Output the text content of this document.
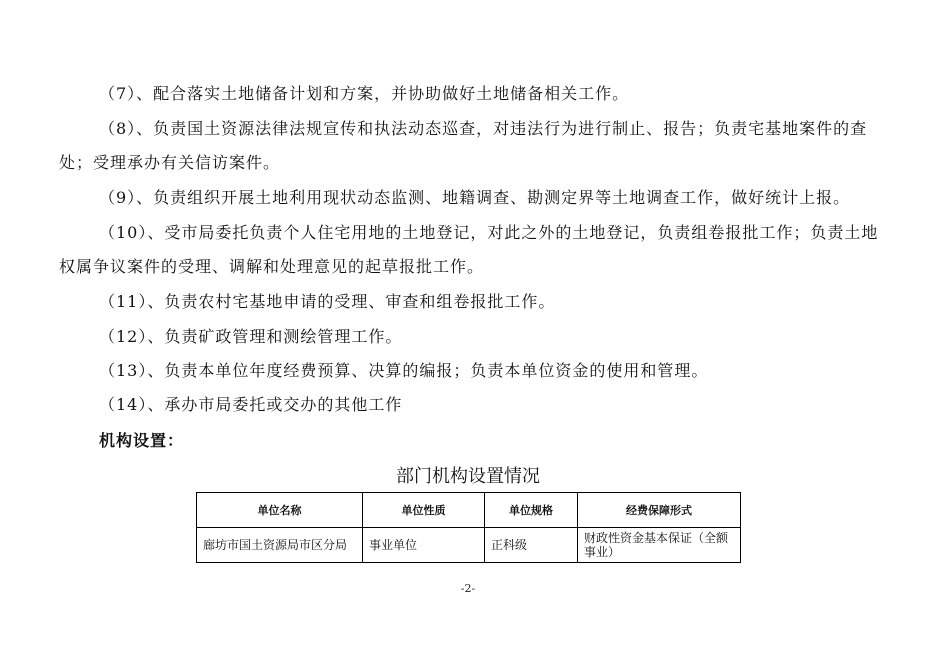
（7）、配合落实土地储备计划和方案，并协助做好土地储备相关工作。

（8）、负责国土资源法律法规宣传和执法动态巡查，对违法行为进行制止、报告；负责宅基地案件的查处；受理承办有关信访案件。

（9）、负责组织开展土地利用现状动态监测、地籍调查、勘测定界等土地调查工作，做好统计上报。

（10）、受市局委托负责个人住宅用地的土地登记，对此之外的土地登记，负责组卷报批工作；负责土地权属争议案件的受理、调解和处理意见的起草报批工作。

（11）、负责农村宅基地申请的受理、审查和组卷报批工作。

（12）、负责矿政管理和测绘管理工作。

（13）、负责本单位年度经费预算、决算的编报；负责本单位资金的使用和管理。

（14）、承办市局委托或交办的其他工作

机构设置：

部门机构设置情况
单位名称	单位性质	单位规格	经费保障形式
廊坊市国土资源局市区分局	事业单位	正科级	财政性资金基本保证（全额事业）
-2-
